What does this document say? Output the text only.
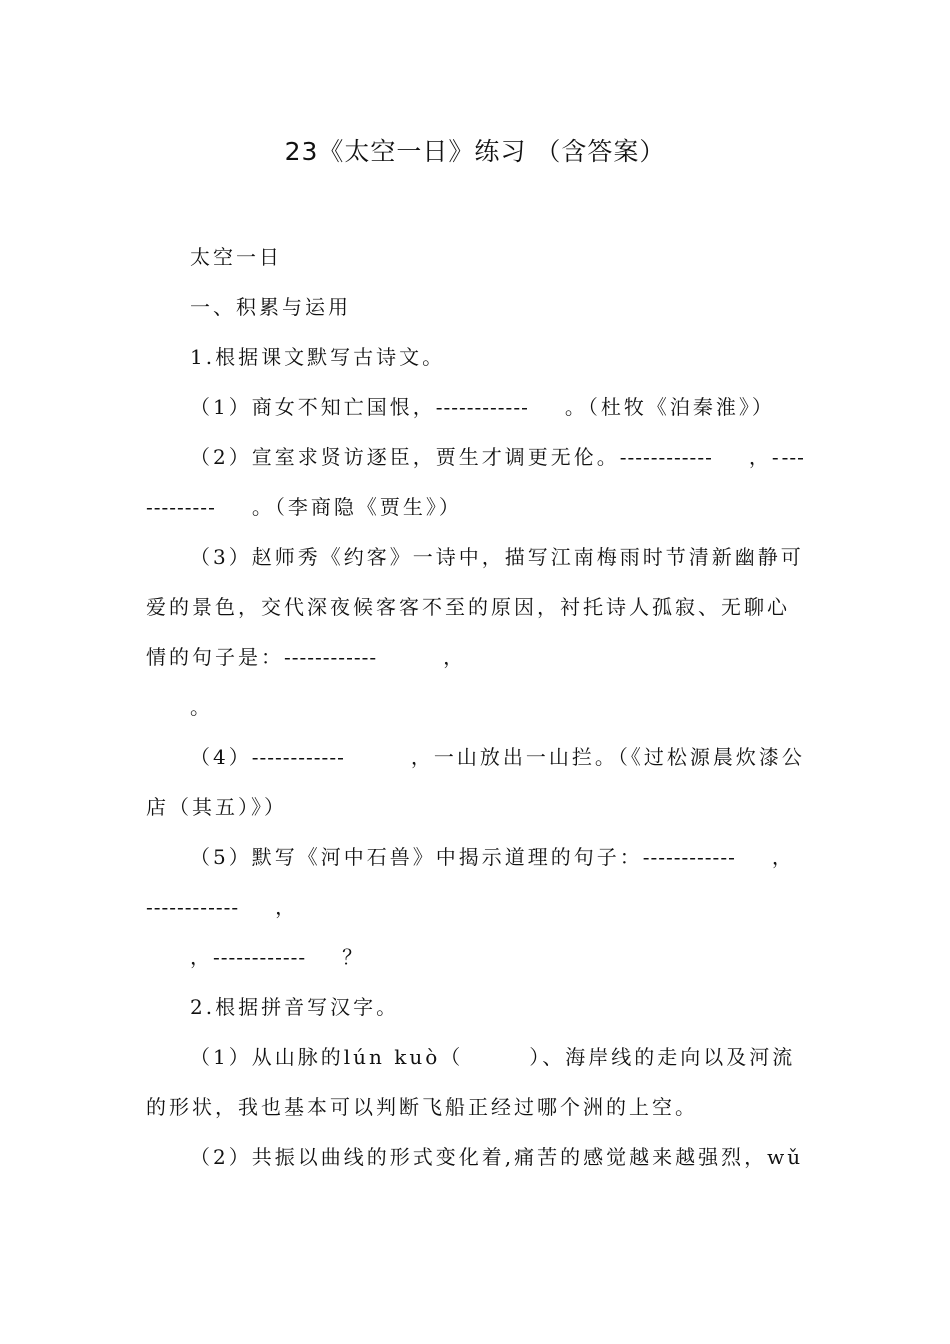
23《太空一日》练习 （含答案）

太空一日

一、积累与运用

1.根据课文默写古诗文。

（1）商女不知亡国恨，------------ 。（杜牧《泊秦淮》）

（2）宣室求贤访逐臣，贾生才调更无伦。------------ ，------------- 。（李商隐《贾生》）

（3）赵师秀《约客》一诗中，描写江南梅雨时节清新幽静可爱的景色，交代深夜候客客不至的原因，衬托诗人孤寂、无聊心情的句子是：------------	，

。

（4）------------	，一山放出一山拦。（《过松源晨炊漆公店（其五）》）

（5）默写《河中石兽》中揭示道理的句子：------------ ，

------------ ，

，------------ ？

2.根据拼音写汉字。

（1）从山脉的lún kuò（	）、海岸线的走向以及河流的形状，我也基本可以判断飞船正经过哪个洲的上空。

（2）共振以曲线的形式变化着,痛苦的感觉越来越强烈，wǔ
